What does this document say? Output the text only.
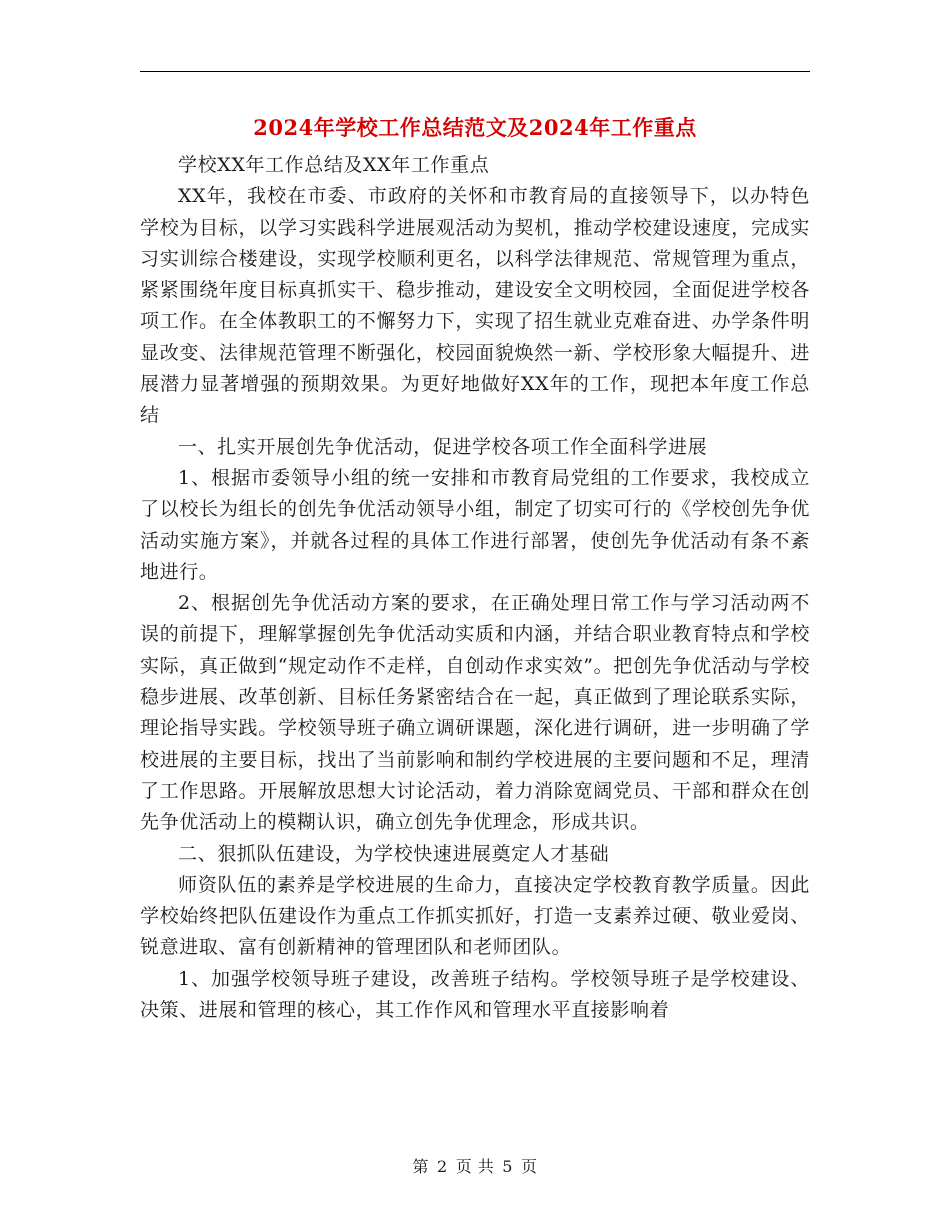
2024年学校工作总结范文及2024年工作重点

学校XX年工作总结及XX年工作重点

XX年，我校在市委、市政府的关怀和市教育局的直接领导下，以办特色学校为目标，以学习实践科学进展观活动为契机，推动学校建设速度，完成实习实训综合楼建设，实现学校顺利更名，以科学法律规范、常规管理为重点，紧紧围绕年度目标真抓实干、稳步推动，建设安全文明校园，全面促进学校各项工作。在全体教职工的不懈努力下，实现了招生就业克难奋进、办学条件明显改变、法律规范管理不断强化，校园面貌焕然一新、学校形象大幅提升、进展潜力显著增强的预期效果。为更好地做好XX年的工作，现把本年度工作总结

一、扎实开展创先争优活动，促进学校各项工作全面科学进展

1、根据市委领导小组的统一安排和市教育局党组的工作要求，我校成立了以校长为组长的创先争优活动领导小组，制定了切实可行的《学校创先争优活动实施方案》，并就各过程的具体工作进行部署，使创先争优活动有条不紊地进行。

2、根据创先争优活动方案的要求，在正确处理日常工作与学习活动两不误的前提下，理解掌握创先争优活动实质和内涵，并结合职业教育特点和学校实际，真正做到“规定动作不走样，自创动作求实效”。把创先争优活动与学校稳步进展、改革创新、目标任务紧密结合在一起，真正做到了理论联系实际，理论指导实践。学校领导班子确立调研课题，深化进行调研，进一步明确了学校进展的主要目标，找出了当前影响和制约学校进展的主要问题和不足，理清了工作思路。开展解放思想大讨论活动，着力消除宽阔党员、干部和群众在创先争优活动上的模糊认识，确立创先争优理念，形成共识。

二、狠抓队伍建设，为学校快速进展奠定人才基础

师资队伍的素养是学校进展的生命力，直接决定学校教育教学质量。因此学校始终把队伍建设作为重点工作抓实抓好，打造一支素养过硬、敬业爱岗、锐意进取、富有创新精神的管理团队和老师团队。

1、加强学校领导班子建设，改善班子结构。学校领导班子是学校建设、决策、进展和管理的核心，其工作作风和管理水平直接影响着

第 2 页 共 5 页
